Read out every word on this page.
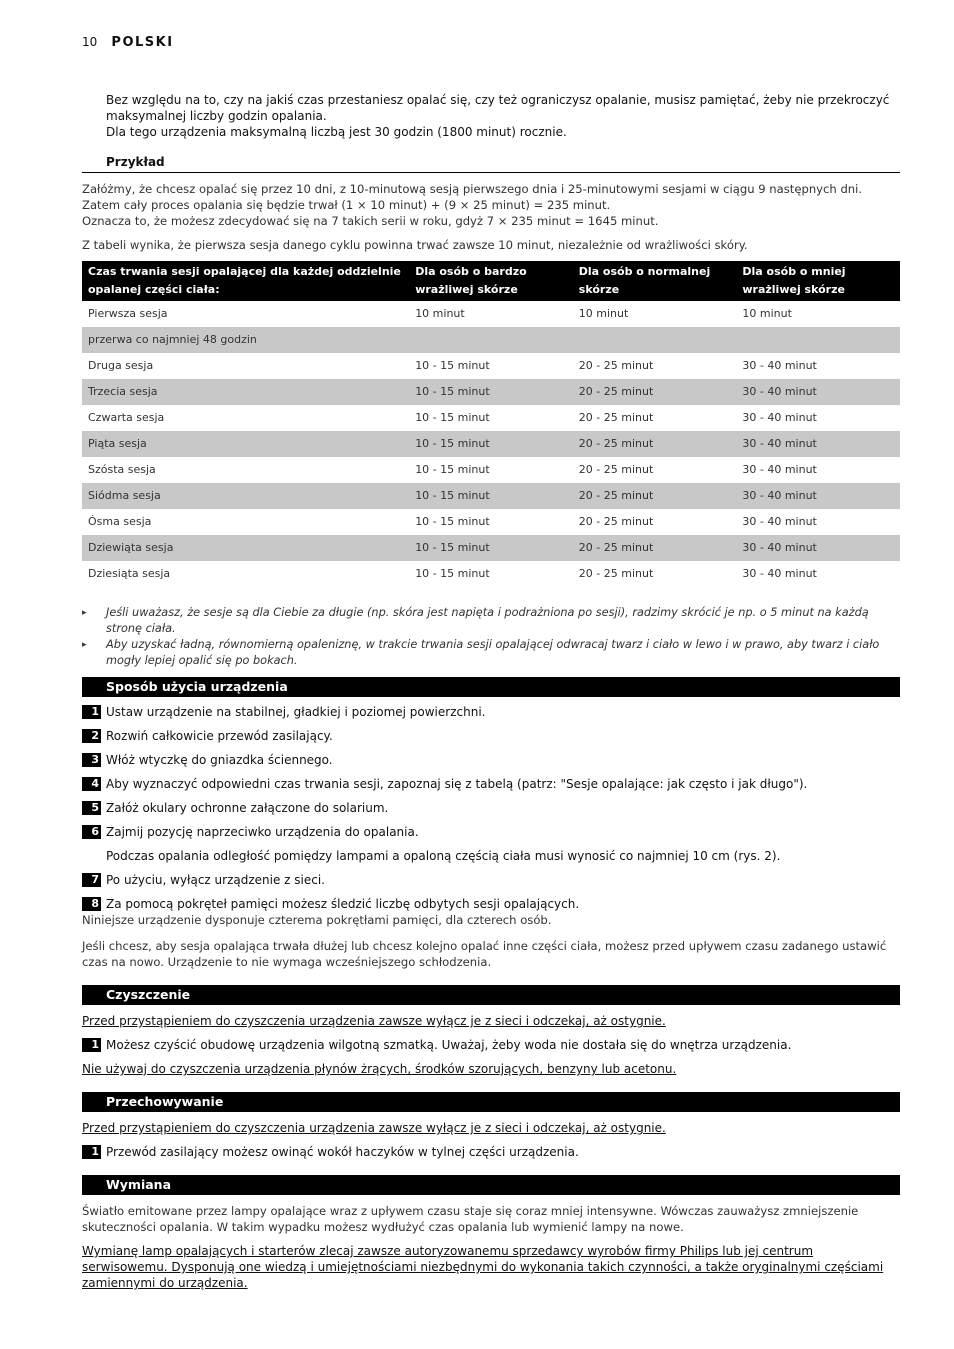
10 POLSKI

Bez względu na to, czy na jakiś czas przestaniesz opalać się, czy też ograniczysz opalanie, musisz pamiętać, żeby nie przekroczyć maksymalnej liczby godzin opalania.

Dla tego urządzenia maksymalną liczbą jest 30 godzin (1800 minut) rocznie.

Przykład

Załóżmy, że chcesz opalać się przez 10 dni, z 10-minutową sesją pierwszego dnia i 25-minutowymi sesjami w ciągu 9 następnych dni.

Zatem cały proces opalania się będzie trwał (1 × 10 minut) + (9 × 25 minut) = 235 minut.

Oznacza to, że możesz zdecydować się na 7 takich serii w roku, gdyż 7 × 235 minut = 1645 minut.

Z tabeli wynika, że pierwsza sesja danego cyklu powinna trwać zawsze 10 minut, niezależnie od wrażliwości skóry.

Czas trwania sesji opalającej dla każdej oddzielnie opalanej części ciała:	Dla osób o bardzo wrażliwej skórze	Dla osób o normalnej skórze	Dla osób o mniej wrażliwej skórze
Pierwsza sesja	10 minut	10 minut	10 minut
przerwa co najmniej 48 godzin			
Druga sesja	10 - 15 minut	20 - 25 minut	30 - 40 minut
Trzecia sesja	10 - 15 minut	20 - 25 minut	30 - 40 minut
Czwarta sesja	10 - 15 minut	20 - 25 minut	30 - 40 minut
Piąta sesja	10 - 15 minut	20 - 25 minut	30 - 40 minut
Szósta sesja	10 - 15 minut	20 - 25 minut	30 - 40 minut
Siódma sesja	10 - 15 minut	20 - 25 minut	30 - 40 minut
Ósma sesja	10 - 15 minut	20 - 25 minut	30 - 40 minut
Dziewiąta sesja	10 - 15 minut	20 - 25 minut	30 - 40 minut
Dziesiąta sesja	10 - 15 minut	20 - 25 minut	30 - 40 minut
▸ Jeśli uważasz, że sesje są dla Ciebie za długie (np. skóra jest napięta i podrażniona po sesji), radzimy skrócić je np. o 5 minut na każdą stronę ciała.
▸ Aby uzyskać ładną, równomierną opaleniznę, w trakcie trwania sesji opalającej odwracaj twarz i ciało w lewo i w prawo, aby twarz i ciało mogły lepiej opalić się po bokach.
Sposób użycia urządzenia
1 Ustaw urządzenie na stabilnej, gładkiej i poziomej powierzchni.
2 Rozwiń całkowicie przewód zasilający.
3 Włóż wtyczkę do gniazdka ściennego.
4 Aby wyznaczyć odpowiedni czas trwania sesji, zapoznaj się z tabelą (patrz: "Sesje opalające: jak często i jak długo").
5 Załóż okulary ochronne załączone do solarium.
6 Zajmij pozycję naprzeciwko urządzenia do opalania.

Podczas opalania odległość pomiędzy lampami a opaloną częścią ciała musi wynosić co najmniej 10 cm (rys. 2).

7 Po użyciu, wyłącz urządzenie z sieci.
8 Za pomocą pokręteł pamięci możesz śledzić liczbę odbytych sesji opalających.

Niniejsze urządzenie dysponuje czterema pokrętłami pamięci, dla czterech osób.

Jeśli chcesz, aby sesja opalająca trwała dłużej lub chcesz kolejno opalać inne części ciała, możesz przed upływem czasu zadanego ustawić czas na nowo. Urządzenie to nie wymaga wcześniejszego schłodzenia.

Czyszczenie

Przed przystąpieniem do czyszczenia urządzenia zawsze wyłącz je z sieci i odczekaj, aż ostygnie.

1 Możesz czyścić obudowę urządzenia wilgotną szmatką. Uważaj, żeby woda nie dostała się do wnętrza urządzenia.

Nie używaj do czyszczenia urządzenia płynów żrących, środków szorujących, benzyny lub acetonu.

Przechowywanie

Przed przystąpieniem do czyszczenia urządzenia zawsze wyłącz je z sieci i odczekaj, aż ostygnie.

1 Przewód zasilający możesz owinąć wokół haczyków w tylnej części urządzenia.
Wymiana

Światło emitowane przez lampy opalające wraz z upływem czasu staje się coraz mniej intensywne. Wówczas zauważysz zmniejszenie skuteczności opalania. W takim wypadku możesz wydłużyć czas opalania lub wymienić lampy na nowe.

Wymianę lamp opalających i starterów zlecaj zawsze autoryzowanemu sprzedawcy wyrobów firmy Philips lub jej centrum serwisowemu. Dysponują one wiedzą i umiejętnościami niezbędnymi do wykonania takich czynności, a także oryginalnymi częściami zamiennymi do urządzenia.
